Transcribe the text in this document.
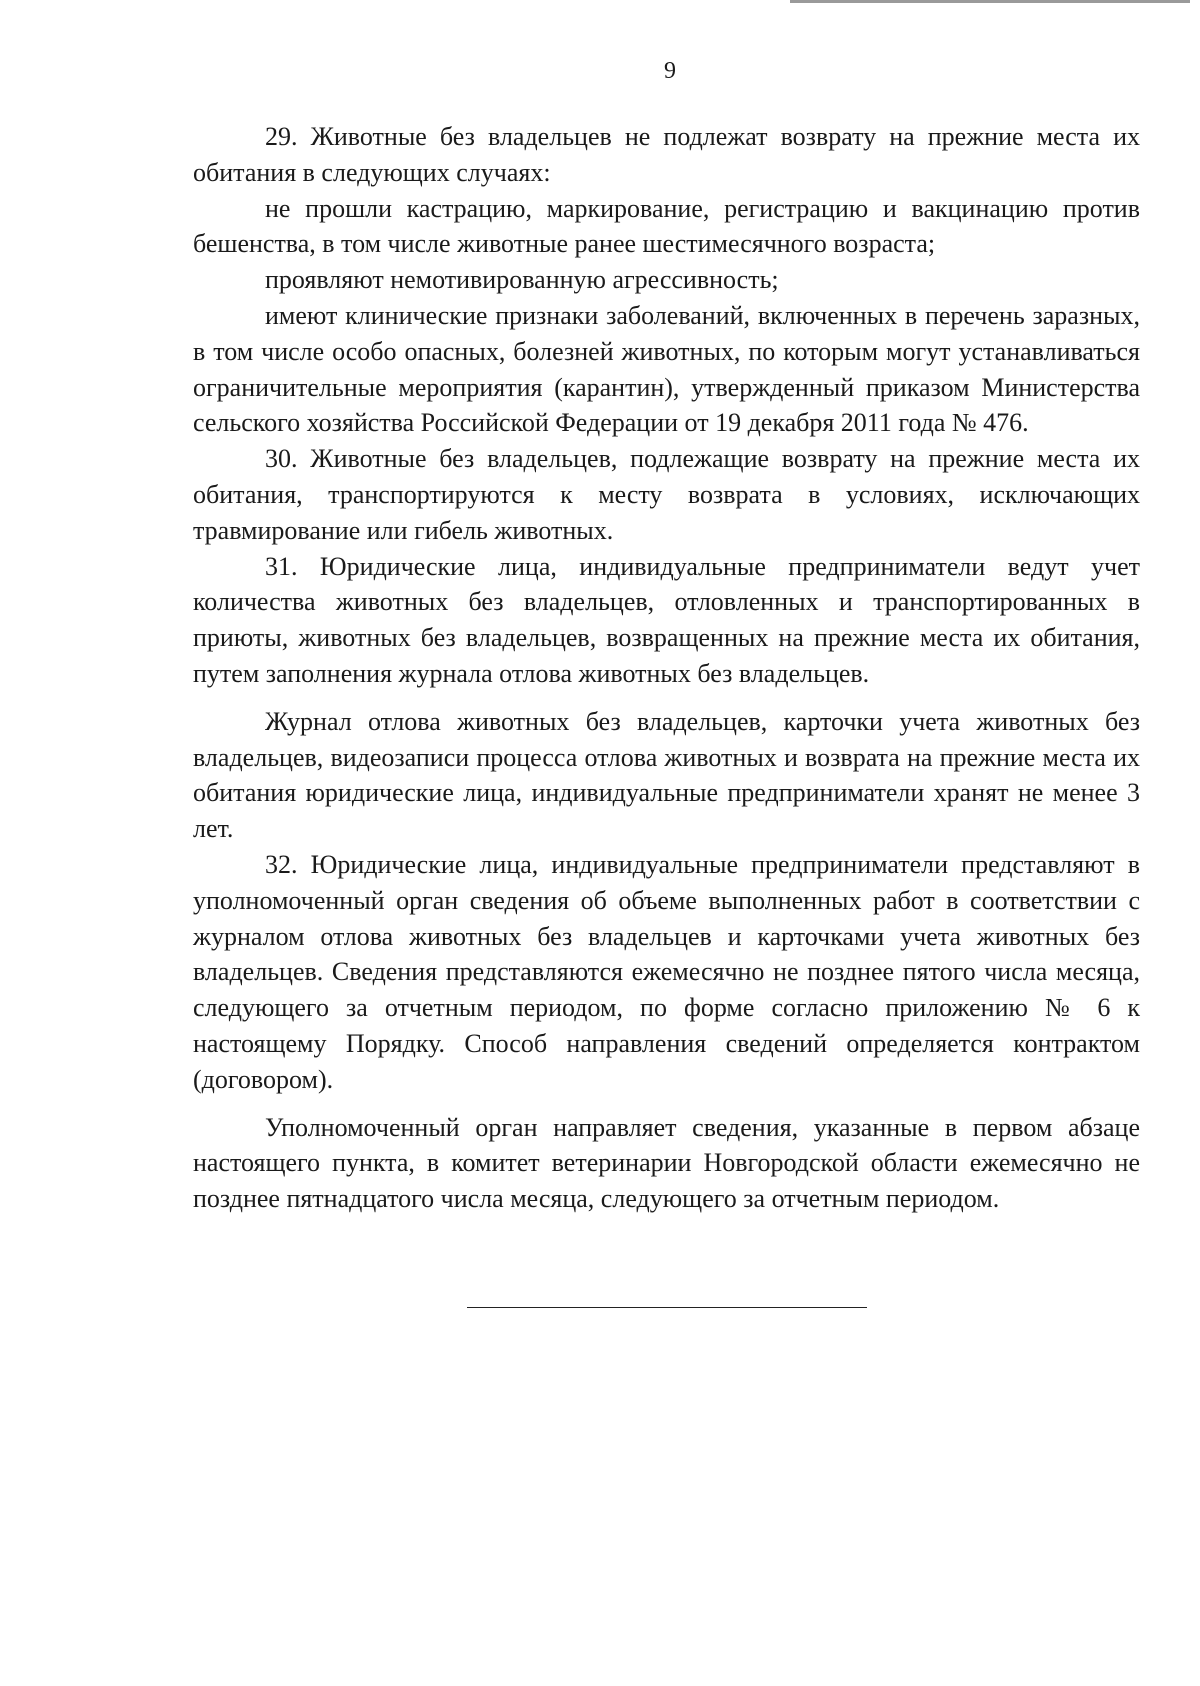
9

29. Животные без владельцев не подлежат возврату на прежние места их обитания в следующих случаях:

не прошли кастрацию, маркирование, регистрацию и вакцинацию против бешенства, в том числе животные ранее шестимесячного возраста;

проявляют немотивированную агрессивность;

имеют клинические признаки заболеваний, включенных в перечень заразных, в том числе особо опасных, болезней животных, по которым могут устанавливаться ограничительные мероприятия (карантин), утвержденный приказом Министерства сельского хозяйства Российской Федерации от 19 декабря 2011 года № 476.

30. Животные без владельцев, подлежащие возврату на прежние места их обитания, транспортируются к месту возврата в условиях, исключающих травмирование или гибель животных.

31. Юридические лица, индивидуальные предприниматели ведут учет количества животных без владельцев, отловленных и транспортированных в приюты, животных без владельцев, возвращенных на прежние места их обитания, путем заполнения журнала отлова животных без владельцев.

Журнал отлова животных без владельцев, карточки учета животных без владельцев, видеозаписи процесса отлова животных и возврата на прежние места их обитания юридические лица, индивидуальные предприниматели хранят не менее 3 лет.

32. Юридические лица, индивидуальные предприниматели представляют в уполномоченный орган сведения об объеме выполненных работ в соответствии с журналом отлова животных без владельцев и карточками учета животных без владельцев. Сведения представляются ежемесячно не позднее пятого числа месяца, следующего за отчетным периодом, по форме согласно приложению № 6 к настоящему Порядку. Способ направления сведений определяется контрактом (договором).

Уполномоченный орган направляет сведения, указанные в первом абзаце настоящего пункта, в комитет ветеринарии Новгородской области ежемесячно не позднее пятнадцатого числа месяца, следующего за отчетным периодом.
